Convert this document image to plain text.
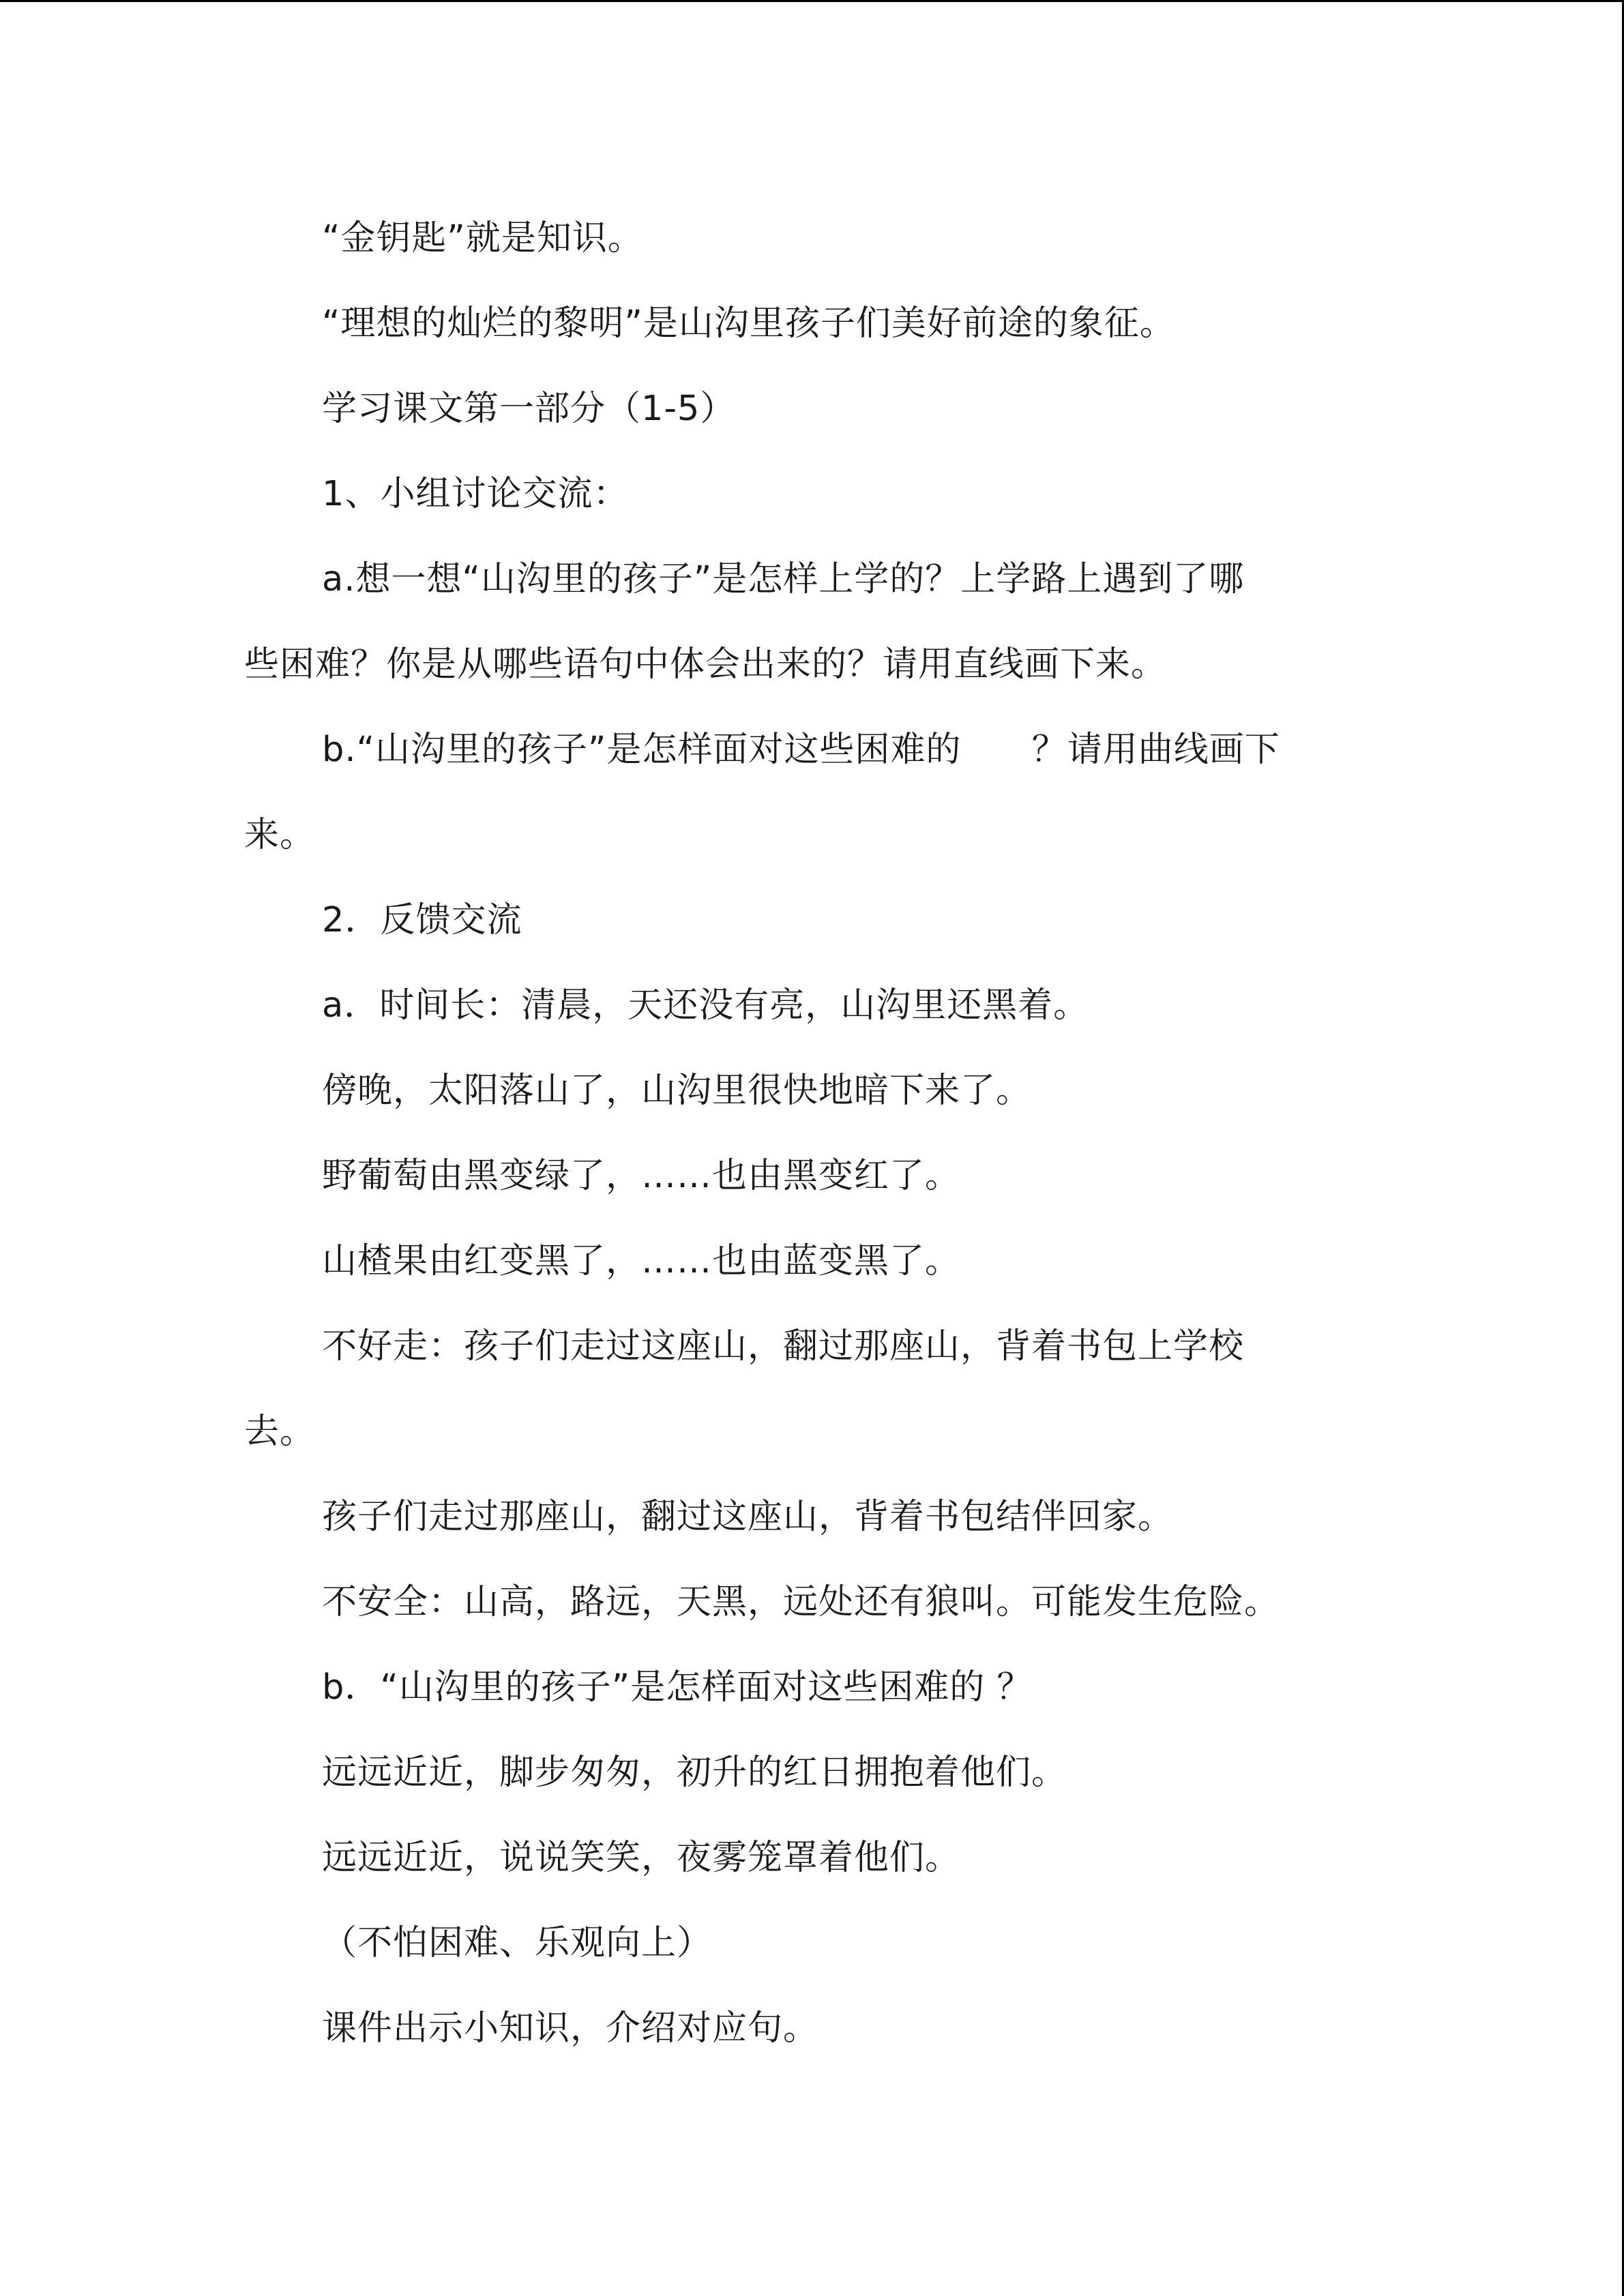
“金钥匙”就是知识。
“理想的灿烂的黎明”是山沟里孩子们美好前途的象征。
学习课文第一部分（1-5）
1、小组讨论交流：
a.想一想“山沟里的孩子”是怎样上学的？上学路上遇到了哪
些困难？你是从哪些语句中体会出来的？请用直线画下来。
b.“山沟里的孩子”是怎样面对这些困难的      ？请用曲线画下
来。
2．反馈交流
a．时间长：清晨，天还没有亮，山沟里还黑着。
傍晚，太阳落山了，山沟里很快地暗下来了。
野葡萄由黑变绿了，……也由黑变红了。
山楂果由红变黑了，……也由蓝变黑了。
不好走：孩子们走过这座山，翻过那座山，背着书包上学校
去。
孩子们走过那座山，翻过这座山，背着书包结伴回家。
不安全：山高，路远，天黑，远处还有狼叫。可能发生危险。
b．“山沟里的孩子”是怎样面对这些困难的 ？
远远近近，脚步匆匆，初升的红日拥抱着他们。
远远近近，说说笑笑，夜雾笼罩着他们。
（不怕困难、乐观向上）
课件出示小知识，介绍对应句。
